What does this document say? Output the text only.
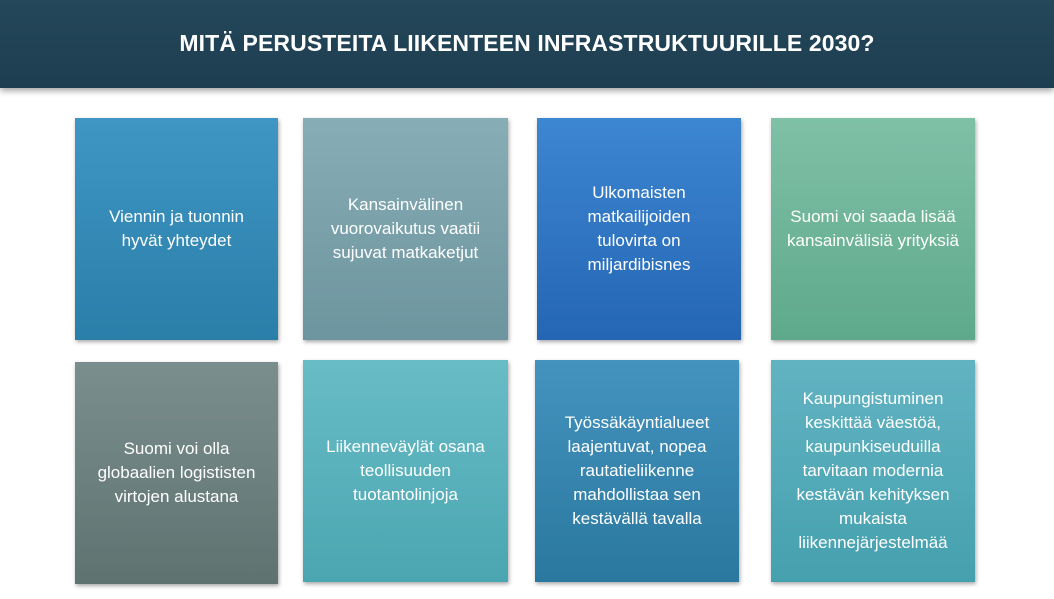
MITÄ PERUSTEITA LIIKENTEEN INFRASTRUKTUURILLE 2030?
Viennin ja tuonnin
hyvät yhteydet
Kansainvälinen
vuorovaikutus vaatii
sujuvat matkaketjut
Ulkomaisten
matkailijoiden
tulovirta on
miljardibisnes
Suomi voi saada lisää
kansainvälisiä yrityksiä
Suomi voi olla
globaalien logististen
virtojen alustana
Liikenneväylät osana
teollisuuden
tuotantolinjoja
Työssäkäyntialueet
laajentuvat, nopea
rautatieliikenne
mahdollistaa sen
kestävällä tavalla
Kaupungistuminen
keskittää väestöä,
kaupunkiseuduilla
tarvitaan modernia
kestävän kehityksen
mukaista
liikennejärjestelmää
